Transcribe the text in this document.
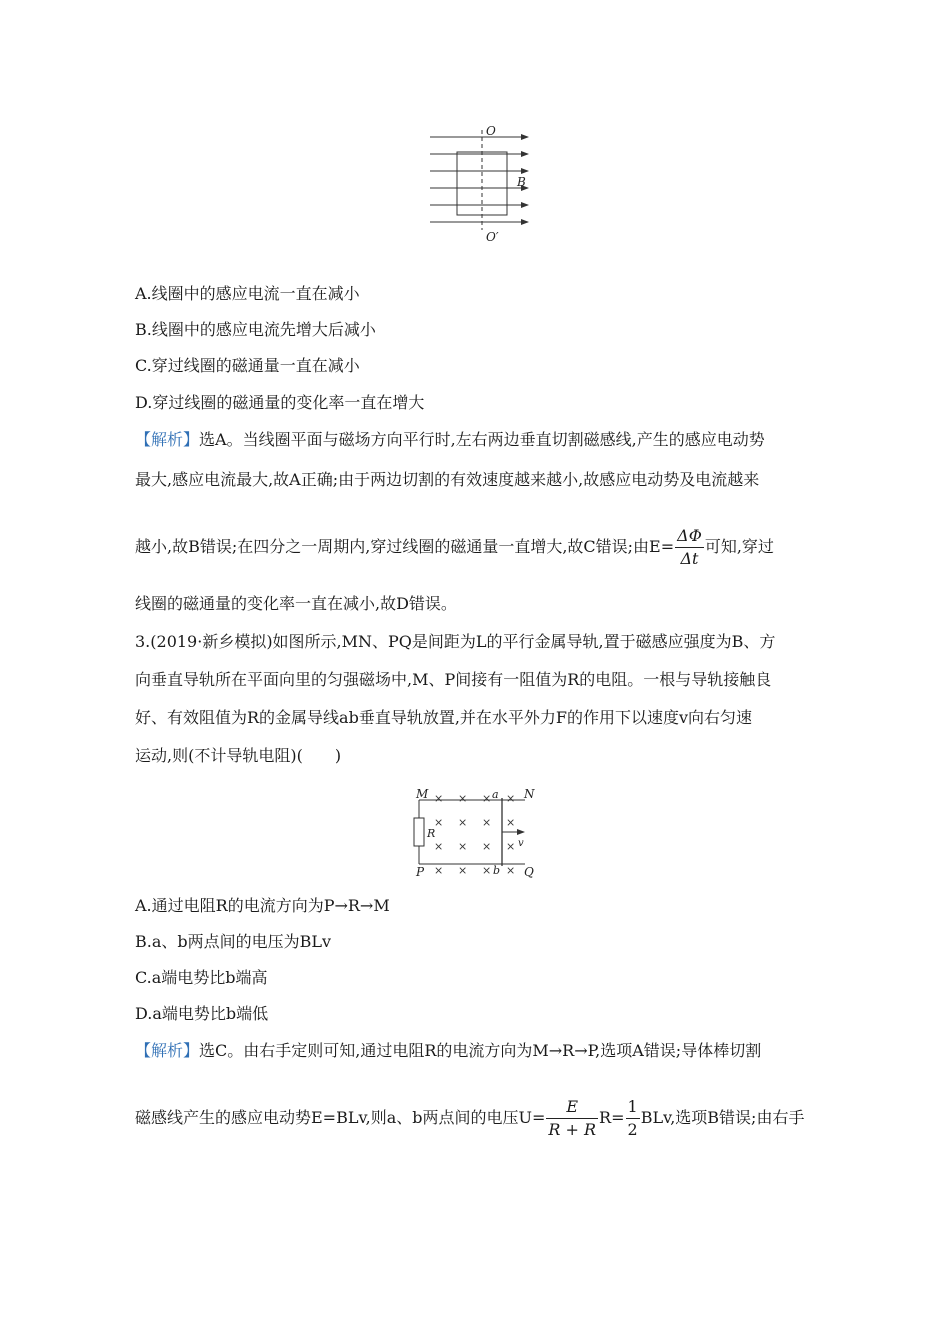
O
O′
B
A.线圈中的感应电流一直在减小
B.线圈中的感应电流先增大后减小
C.穿过线圈的磁通量一直在减小
D.穿过线圈的磁通量的变化率一直在增大
【解析】选A。当线圈平面与磁场方向平行时,左右两边垂直切割磁感线,产生的感应电动势
最大,感应电流最大,故A正确;由于两边切割的有效速度越来越小,故感应电动势及电流越来
越小,故B错误;在四分之一周期内,穿过线圈的磁通量一直增大,故C错误;由$E= \frac{\Delta\Phi}{\Delta t}$ 可知,穿过
线圈的磁通量的变化率一直在减小,故D错误。
3.(2019·新乡模拟)如图所示,MN、PQ是间距为L的平行金属导轨,置于磁感应强度为B、方
向垂直导轨所在平面向里的匀强磁场中,M、P间接有一阻值为R的电阻。一根与导轨接触良
好、有效阻值为R的金属导线ab垂直导轨放置,并在水平外力F的作用下以速度v向右匀速
运动,则(不计导轨电阻)(　　)
M	N
P	Q
a
b
R
v
× × × ×
× × × ×
× × × ×
× × × ×
A.通过电阻R的电流方向为P→R→M
B.a、b两点间的电压为BLv
C.a端电势比b端高
D.a端电势比b端低
【解析】选C。由右手定则可知,通过电阻R的电流方向为M→R→P,选项A错误;导体棒切割
磁感线产生的感应电动势E=BLv,则a、b两点间的电压$U= \frac{E}{R + R} R= \frac{1}{2}$ BLv,选项B错误;由右手
